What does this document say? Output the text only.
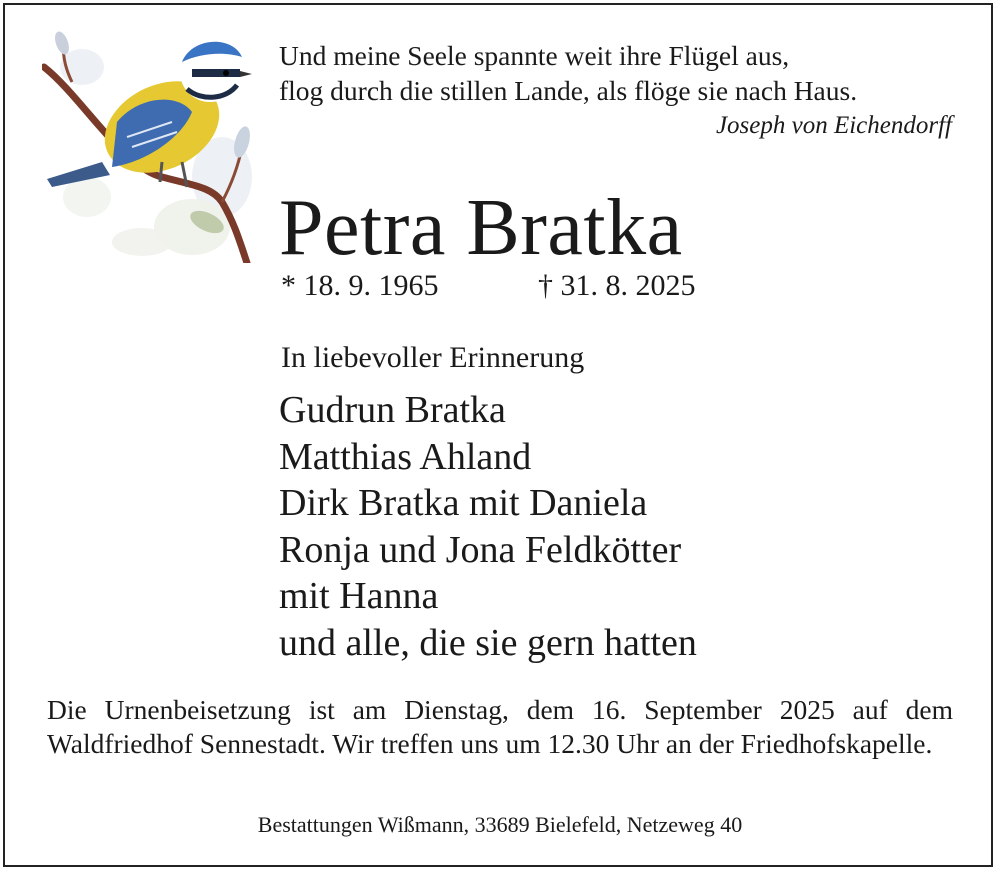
Und meine Seele spannte weit ihre Flügel aus,
flog durch die stillen Lande, als flöge sie nach Haus.
Joseph von Eichendorff
Petra Bratka
* 18. 9. 1965	† 31. 8. 2025
In liebevoller Erinnerung
Gudrun Bratka
Matthias Ahland
Dirk Bratka mit Daniela
Ronja und Jona Feldkötter
mit Hanna
und alle, die sie gern hatten
Die Urnenbeisetzung ist am Dienstag, dem 16. September 2025 auf dem Waldfriedhof Sennestadt. Wir treffen uns um 12.30 Uhr an der Friedhofskapelle.
Bestattungen Wißmann, 33689 Bielefeld, Netzeweg 40
